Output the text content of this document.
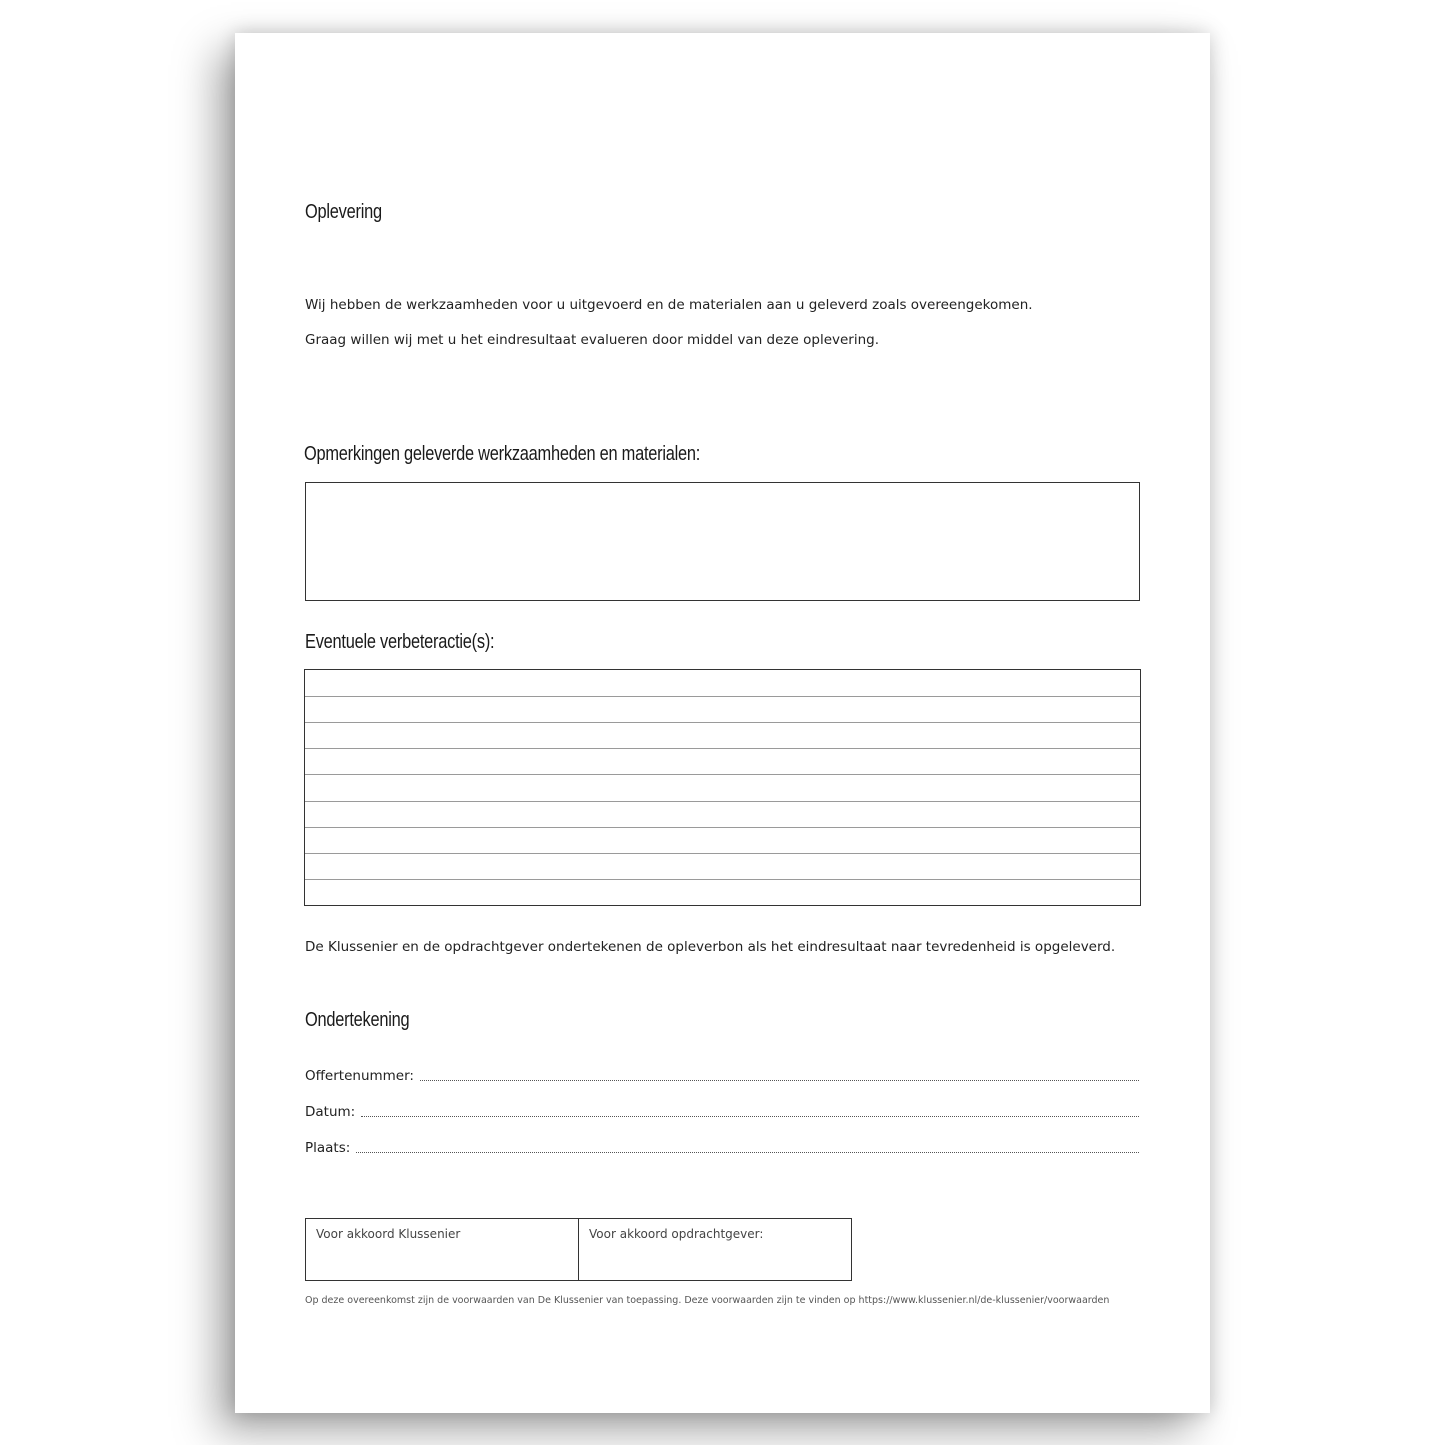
Oplevering
Wij hebben de werkzaamheden voor u uitgevoerd en de materialen aan u geleverd zoals overeengekomen.
Graag willen wij met u het eindresultaat evalueren door middel van deze oplevering.
Opmerkingen geleverde werkzaamheden en materialen:
Eventuele verbeteractie(s):
De Klussenier en de opdrachtgever ondertekenen de opleverbon als het eindresultaat naar tevredenheid is opgeleverd.
Ondertekening
Offertenummer:
Datum:
Plaats:
Voor akkoord Klussenier	Voor akkoord opdrachtgever:
Op deze overeenkomst zijn de voorwaarden van De Klussenier van toepassing. Deze voorwaarden zijn te vinden op https://www.klussenier.nl/de-klussenier/voorwaarden
